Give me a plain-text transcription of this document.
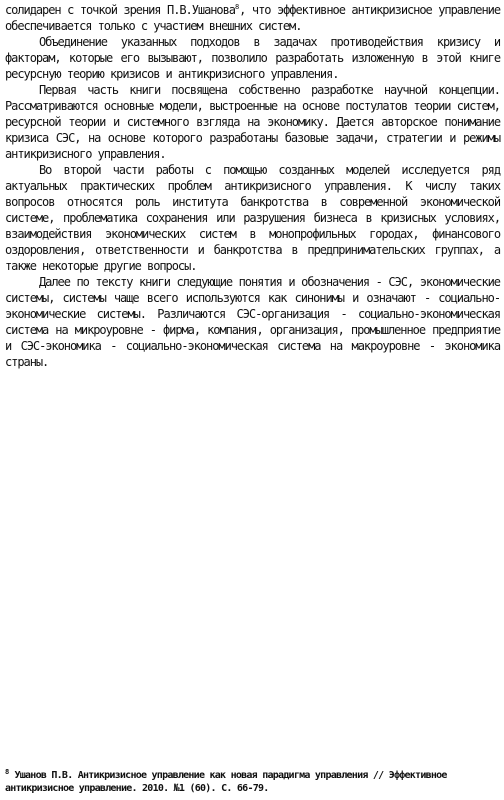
солидарен с точкой зрения П.В.Ушанова$^8$, что эффективное антикризисное управление обеспечивается только с участием внешних систем.

Объединение указанных подходов в задачах противодействия кризису и факторам, которые его вызывают, позволило разработать изложенную в этой книге ресурсную теорию кризисов и антикризисного управления.

Первая часть книги посвящена собственно разработке научной концепции. Рассматриваются основные модели, выстроенные на основе постулатов теории систем, ресурсной теории и системного взгляда на экономику. Дается авторское понимание кризиса СЭС, на основе которого разработаны базовые задачи, стратегии и режимы антикризисного управления.

Во второй части работы с помощью созданных моделей исследуется ряд актуальных практических проблем антикризисного управления. К числу таких вопросов относятся роль института банкротства в современной экономической системе, проблематика сохранения или разрушения бизнеса в кризисных условиях, взаимодействия экономических систем в монопрофильных городах, финансового оздоровления, ответственности и банкротства в предпринимательских группах, а также некоторые другие вопросы.

Далее по тексту книги следующие понятия и обозначения - СЭС, экономические системы, системы чаще всего используются как синонимы и означают - социально-экономические системы. Различаются СЭС-организация - социально-экономическая система на микроуровне - фирма, компания, организация, промышленное предприятие и СЭС-экономика - социально-экономическая система на макроуровне - экономика страны.

$^8$ Ушанов П.В. Антикризисное управление как новая парадигма управления // Эффективное антикризисное управление. 2010. №1 (60). С. 66-79.
